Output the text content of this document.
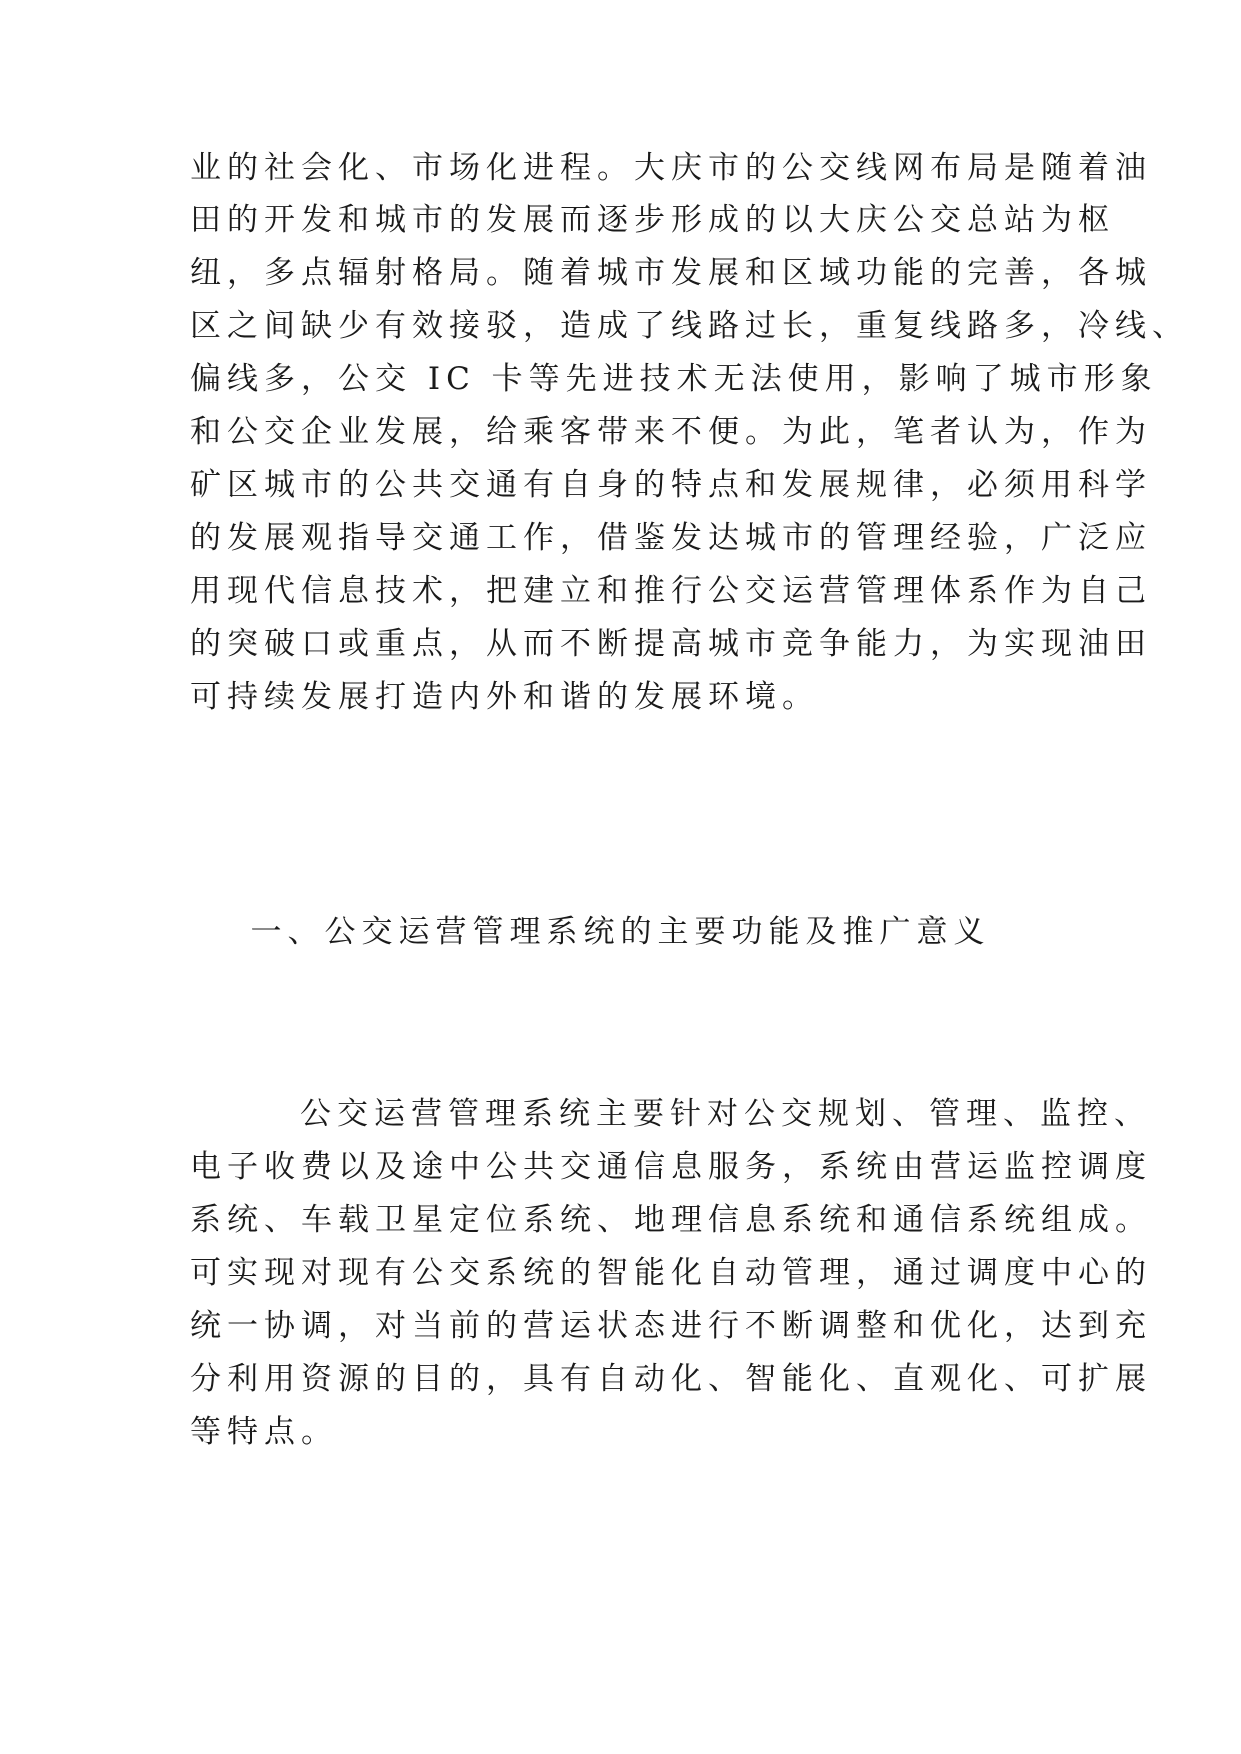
业的社会化、市场化进程。大庆市的公交线网布局是随着油
田的开发和城市的发展而逐步形成的以大庆公交总站为枢
纽，多点辐射格局。随着城市发展和区域功能的完善，各城
区之间缺少有效接驳，造成了线路过长，重复线路多，冷线、
偏线多，公交 IC 卡等先进技术无法使用，影响了城市形象
和公交企业发展，给乘客带来不便。为此，笔者认为，作为
矿区城市的公共交通有自身的特点和发展规律，必须用科学
的发展观指导交通工作，借鉴发达城市的管理经验，广泛应
用现代信息技术，把建立和推行公交运营管理体系作为自己
的突破口或重点，从而不断提高城市竞争能力，为实现油田
可持续发展打造内外和谐的发展环境。
一、公交运营管理系统的主要功能及推广意义
公交运营管理系统主要针对公交规划、管理、监控、
电子收费以及途中公共交通信息服务，系统由营运监控调度
系统、车载卫星定位系统、地理信息系统和通信系统组成。
可实现对现有公交系统的智能化自动管理，通过调度中心的
统一协调，对当前的营运状态进行不断调整和优化，达到充
分利用资源的目的，具有自动化、智能化、直观化、可扩展
等特点。
